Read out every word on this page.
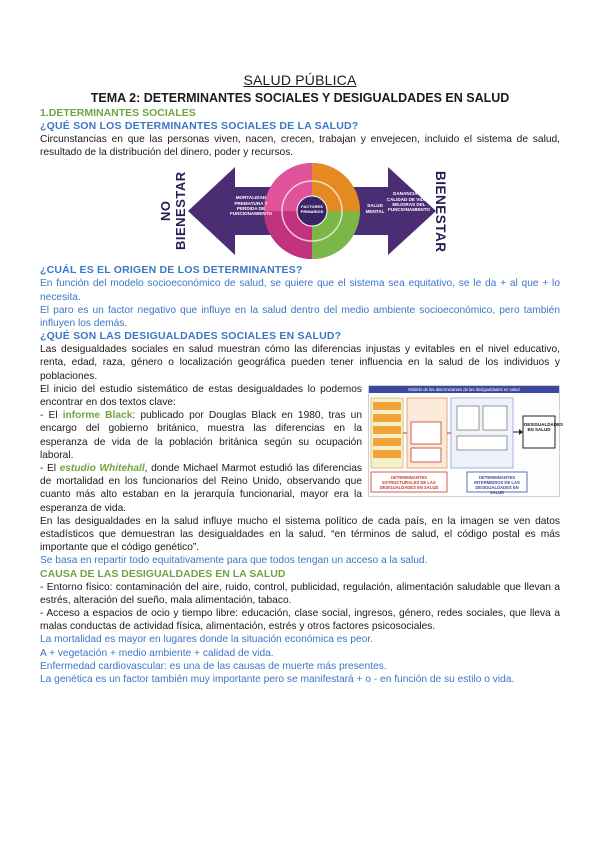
SALUD PÚBLICA
TEMA 2: DETERMINANTES SOCIALES Y DESIGUALDADES EN SALUD
1.DETERMINANTES SOCIALES
¿QUÉ SON LOS DETERMINANTES SOCIALES DE LA SALUD?

Circunstancias en que las personas viven, nacen, crecen, trabajan y envejecen, incluido el sistema de salud, resultado de la distribución del dinero, poder y recursos.

NO BIENESTAR	BIENESTAR
MORTALIDAD PREMATURA Y PERDIDA DE FUNCIONAMIENTO
FACTORES PRIMARIOS
SALUD MENTAL
GANANCIA DE CALIDAD DE VIDA Y MEJORAS DEL FUNCIONAMIENTO
¿CUÁL ES EL ORIGEN DE LOS DETERMINANTES?

En función del modelo socioeconómico de salud, se quiere que el sistema sea equitativo, se le da + al que + lo necesita.

El paro es un factor negativo que influye en la salud dentro del medio ambiente socioeconómico, pero también influyen los demás.

¿QUÉ SON LAS DESIGUALDADES SOCIALES EN SALUD?

Las desigualdades sociales en salud muestran cómo las diferencias injustas y evitables en el nivel educativo, renta, edad, raza, género o localización geográfica pueden tener influencia en la salud de los individuos y poblaciones.

El inicio del estudio sistemático de estas desigualdades lo podemos encontrar en dos textos clave:

- El informe Black: publicado por Douglas Black en 1980, tras un encargo del gobierno británico, muestra las diferencias en la esperanza de vida de la población británica según su ocupación laboral.

- El estudio Whitehall, donde Michael Marmot estudió las diferencias de mortalidad en los funcionarios del Reino Unido, observando que cuanto más alto estaban en la jerarquía funcionarial, mayor era la esperanza de vida.

Modelo de los determinantes de las desigualdades en salud
DESIGUALDADES EN SALUD
DETERMINANTES ESTRUCTURALES DE LAS DESIGUALDADES EN SALUD
DETERMINANTES INTERMEDIOS DE LAS DESIGUALDADES EN SALUD

En las desigualdades en la salud influye mucho el sistema político de cada país, en la imagen se ven datos estadísticos que demuestran las desigualdades en la salud. “en términos de salud, el código postal es más importante que el código genético”.

Se basa en repartir todo equitativamente para que todos tengan un acceso a la salud.

CAUSA DE LAS DESIGUALDADES EN LA SALUD

- Entorno físico: contaminación del aire, ruido, control, publicidad, regulación, alimentación saludable que llevan a estrés, alteración del sueño, mala alimentación, tabaco.

- Acceso a espacios de ocio y tiempo libre: educación, clase social, ingresos, género, redes sociales, que lleva a malas conductas de actividad física, alimentación, estrés y otros factores psicosociales.

La mortalidad es mayor en lugares donde la situación económica es peor.

A + vegetación + medio ambiente + calidad de vida.

Enfermedad cardiovascular: es una de las causas de muerte más presentes.

La genética es un factor también muy importante pero se manifestará + o - en función de su estilo o vida.
